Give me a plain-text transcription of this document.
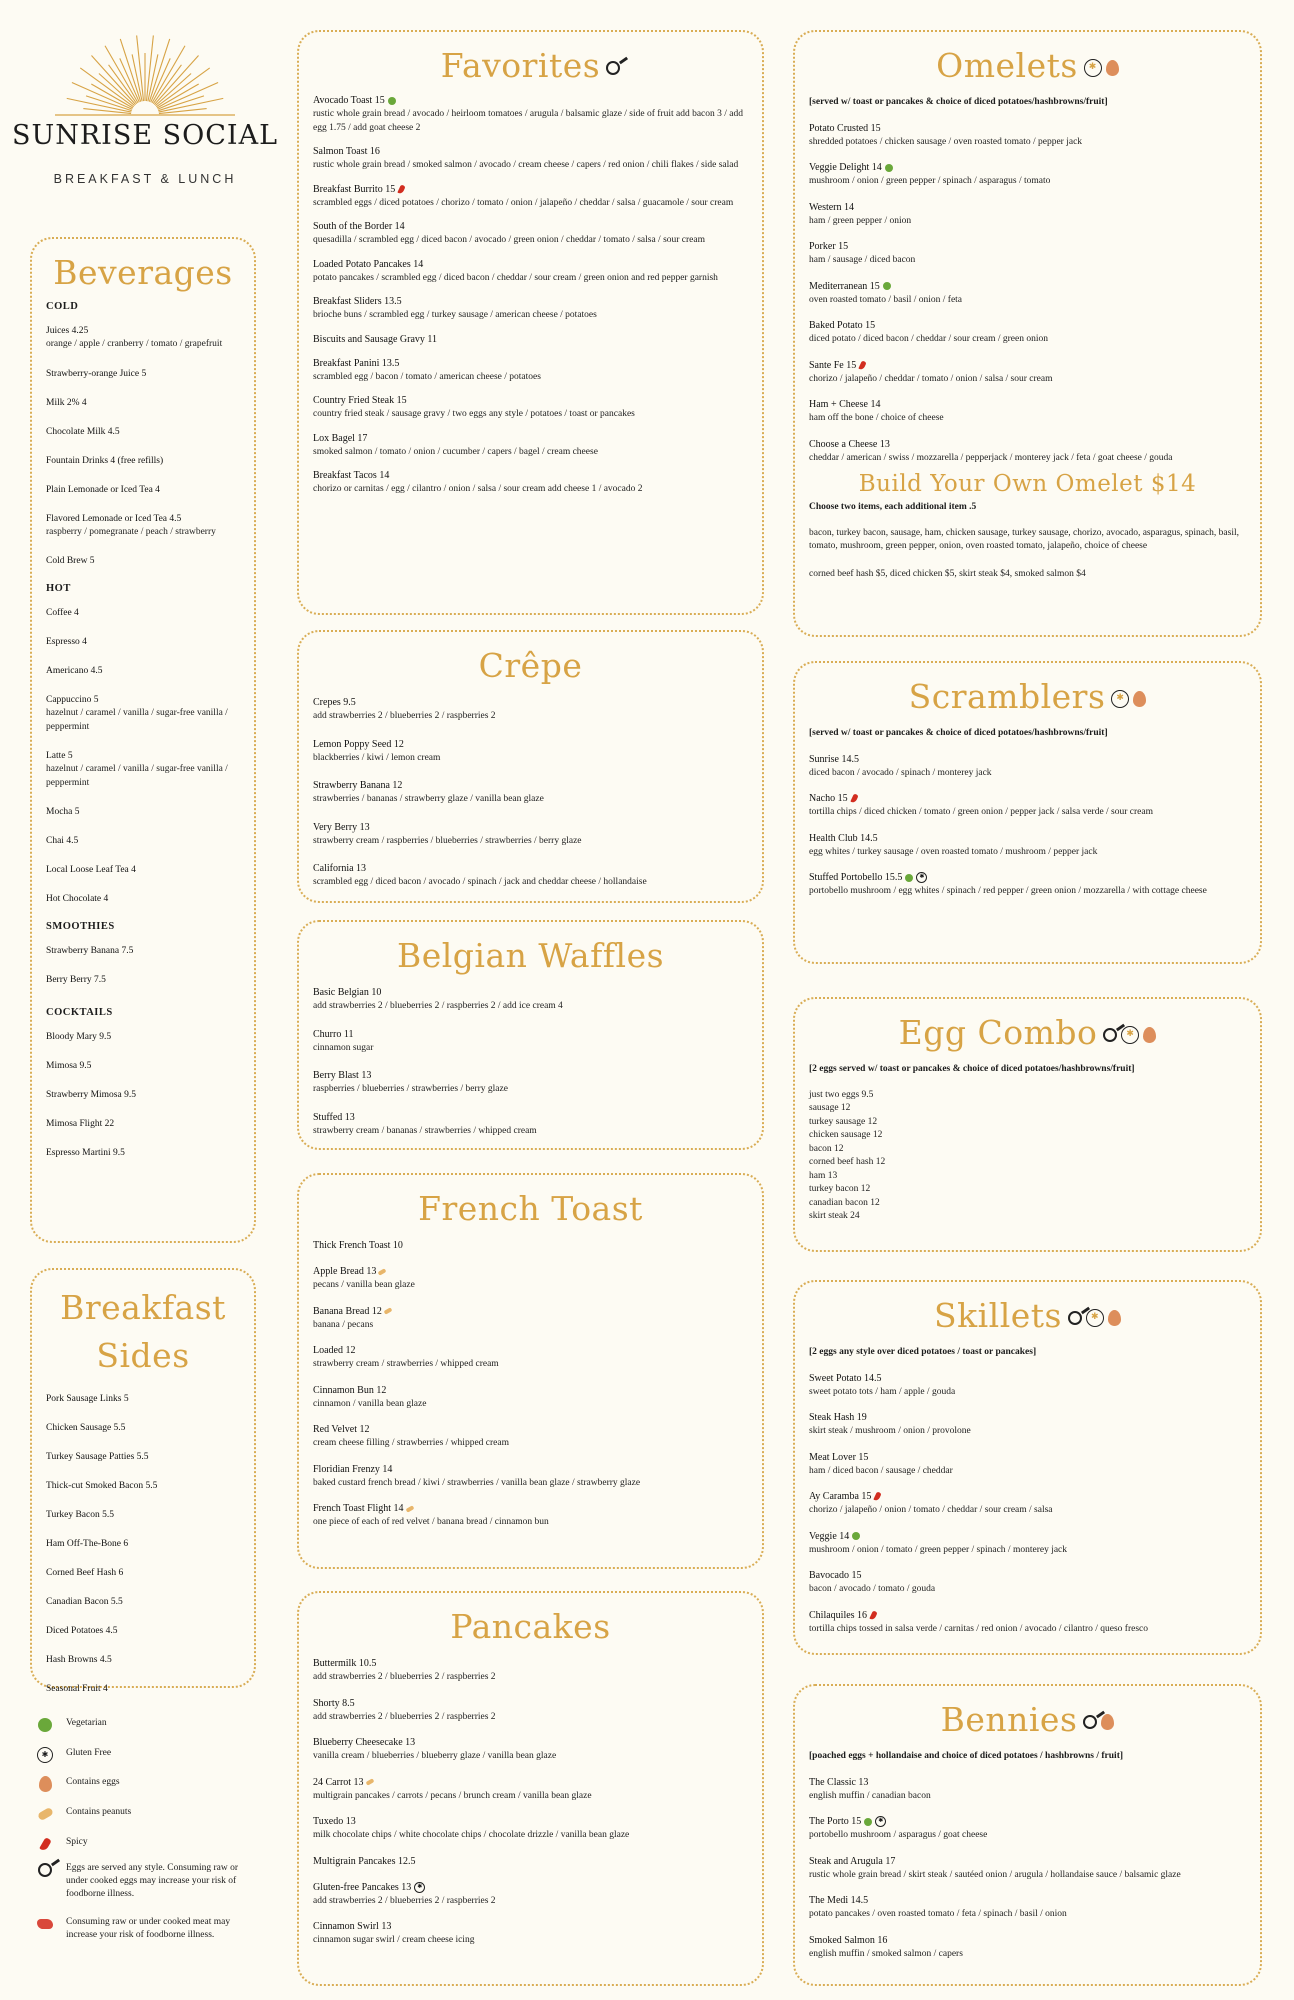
SUNRISE SOCIAL
BREAKFAST & LUNCH
Beverages
COLD
Juices 4.25
orange / apple / cranberry / tomato / grapefruit
Strawberry-orange Juice 5
Milk 2% 4
Chocolate Milk 4.5
Fountain Drinks 4 (free refills)
Plain Lemonade or Iced Tea 4
Flavored Lemonade or Iced Tea 4.5
raspberry / pomegranate / peach / strawberry
Cold Brew 5
HOT
Coffee 4
Espresso 4
Americano 4.5
Cappuccino 5
hazelnut / caramel / vanilla / sugar-free vanilla / peppermint
Latte 5
hazelnut / caramel / vanilla / sugar-free vanilla / peppermint
Mocha 5
Chai 4.5
Local Loose Leaf Tea 4
Hot Chocolate 4
SMOOTHIES
Strawberry Banana 7.5
Berry Berry 7.5
COCKTAILS
Bloody Mary 9.5
Mimosa 9.5
Strawberry Mimosa 9.5
Mimosa Flight 22
Espresso Martini 9.5
Breakfast
Sides
Pork Sausage Links 5
Chicken Sausage 5.5
Turkey Sausage Patties 5.5
Thick-cut Smoked Bacon 5.5
Turkey Bacon 5.5
Ham Off-The-Bone 6
Corned Beef Hash 6
Canadian Bacon 5.5
Diced Potatoes 4.5
Hash Browns 4.5
Seasonal Fruit 4
Vegetarian
✱	Gluten Free
Contains eggs
Contains peanuts
Spicy
Eggs are served any style. Consuming raw or under cooked eggs may increase your risk of foodborne illness.
Consuming raw or under cooked meat may increase your risk of foodborne illness.
Favorites
Avocado Toast 15
rustic whole grain bread / avocado / heirloom tomatoes / arugula / balsamic glaze / side of fruit add bacon 3 / add egg 1.75 / add goat cheese 2
Salmon Toast 16
rustic whole grain bread / smoked salmon / avocado / cream cheese / capers / red onion / chili flakes / side salad
Breakfast Burrito 15
scrambled eggs / diced potatoes / chorizo / tomato / onion / jalapeño / cheddar / salsa / guacamole / sour cream
South of the Border 14
quesadilla / scrambled egg / diced bacon / avocado / green onion / cheddar / tomato / salsa / sour cream
Loaded Potato Pancakes 14
potato pancakes / scrambled egg / diced bacon / cheddar / sour cream / green onion and red pepper garnish
Breakfast Sliders 13.5
brioche buns / scrambled egg / turkey sausage / american cheese / potatoes
Biscuits and Sausage Gravy 11
Breakfast Panini 13.5
scrambled egg / bacon / tomato / american cheese / potatoes
Country Fried Steak 15
country fried steak / sausage gravy / two eggs any style / potatoes / toast or pancakes
Lox Bagel 17
smoked salmon / tomato / onion / cucumber / capers / bagel / cream cheese
Breakfast Tacos 14
chorizo or carnitas / egg / cilantro / onion / salsa / sour cream add cheese 1 / avocado 2
Crêpe
Crepes 9.5
add strawberries 2 / blueberries 2 / raspberries 2
Lemon Poppy Seed 12
blackberries / kiwi / lemon cream
Strawberry Banana 12
strawberries / bananas / strawberry glaze / vanilla bean glaze
Very Berry 13
strawberry cream / raspberries / blueberries / strawberries / berry glaze
California 13
scrambled egg / diced bacon / avocado / spinach / jack and cheddar cheese / hollandaise
Belgian Waffles
Basic Belgian 10
add strawberries 2 / blueberries 2 / raspberries 2 / add ice cream 4
Churro 11
cinnamon sugar
Berry Blast 13
raspberries / blueberries / strawberries / berry glaze
Stuffed 13
strawberry cream / bananas / strawberries / whipped cream
French Toast
Thick French Toast 10
Apple Bread 13
pecans / vanilla bean glaze
Banana Bread 12
banana / pecans
Loaded 12
strawberry cream / strawberries / whipped cream
Cinnamon Bun 12
cinnamon / vanilla bean glaze
Red Velvet 12
cream cheese filling / strawberries / whipped cream
Floridian Frenzy 14
baked custard french bread / kiwi / strawberries / vanilla bean glaze / strawberry glaze
French Toast Flight 14
one piece of each of red velvet / banana bread / cinnamon bun
Pancakes
Buttermilk 10.5
add strawberries 2 / blueberries 2 / raspberries 2
Shorty 8.5
add strawberries 2 / blueberries 2 / raspberries 2
Blueberry Cheesecake 13
vanilla cream / blueberries / blueberry glaze / vanilla bean glaze
24 Carrot 13
multigrain pancakes / carrots / pecans / brunch cream / vanilla bean glaze
Tuxedo 13
milk chocolate chips / white chocolate chips / chocolate drizzle / vanilla bean glaze
Multigrain Pancakes 12.5
Gluten-free Pancakes 13 ✱
add strawberries 2 / blueberries 2 / raspberries 2
Cinnamon Swirl 13
cinnamon sugar swirl / cream cheese icing
Omelets	✱
[served w/ toast or pancakes & choice of diced potatoes/hashbrowns/fruit]
Potato Crusted 15
shredded potatoes / chicken sausage / oven roasted tomato / pepper jack
Veggie Delight 14
mushroom / onion / green pepper / spinach / asparagus / tomato
Western 14
ham / green pepper / onion
Porker 15
ham / sausage / diced bacon
Mediterranean 15
oven roasted tomato / basil / onion / feta
Baked Potato 15
diced potato / diced bacon / cheddar / sour cream / green onion
Sante Fe 15
chorizo / jalapeño / cheddar / tomato / onion / salsa / sour cream
Ham + Cheese 14
ham off the bone / choice of cheese
Choose a Cheese 13
cheddar / american / swiss / mozzarella / pepperjack / monterey jack / feta / goat cheese / gouda
Build Your Own Omelet $14
Choose two items, each additional item .5
bacon, turkey bacon, sausage, ham, chicken sausage, turkey sausage, chorizo, avocado, asparagus, spinach, basil, tomato, mushroom, green pepper, onion, oven roasted tomato, jalapeño, choice of cheese
corned beef hash $5, diced chicken $5, skirt steak $4, smoked salmon $4
Scramblers	✱
[served w/ toast or pancakes & choice of diced potatoes/hashbrowns/fruit]
Sunrise 14.5
diced bacon / avocado / spinach / monterey jack
Nacho 15
tortilla chips / diced chicken / tomato / green onion / pepper jack / salsa verde / sour cream
Health Club 14.5
egg whites / turkey sausage / oven roasted tomato / mushroom / pepper jack
Stuffed Portobello 15.5	✱
portobello mushroom / egg whites / spinach / red pepper / green onion / mozzarella / with cottage cheese
Egg Combo	✱
[2 eggs served w/ toast or pancakes & choice of diced potatoes/hashbrowns/fruit]
just two eggs 9.5
sausage 12
turkey sausage 12
chicken sausage 12
bacon 12
corned beef hash 12
ham 13
turkey bacon 12
canadian bacon 12
skirt steak 24
Skillets	✱
[2 eggs any style over diced potatoes / toast or pancakes]
Sweet Potato 14.5
sweet potato tots / ham / apple / gouda
Steak Hash 19
skirt steak / mushroom / onion / provolone
Meat Lover 15
ham / diced bacon / sausage / cheddar
Ay Caramba 15
chorizo / jalapeño / onion / tomato / cheddar / sour cream / salsa
Veggie 14
mushroom / onion / tomato / green pepper / spinach / monterey jack
Bavocado 15
bacon / avocado / tomato / gouda
Chilaquiles 16
tortilla chips tossed in salsa verde / carnitas / red onion / avocado / cilantro / queso fresco
Bennies
[poached eggs + hollandaise and choice of diced potatoes / hashbrowns / fruit]
The Classic 13
english muffin / canadian bacon
The Porto 15	✱
portobello mushroom / asparagus / goat cheese
Steak and Arugula 17
rustic whole grain bread / skirt steak / sautéed onion / arugula / hollandaise sauce / balsamic glaze
The Medi 14.5
potato pancakes / oven roasted tomato / feta / spinach / basil / onion
Smoked Salmon 16
english muffin / smoked salmon / capers
